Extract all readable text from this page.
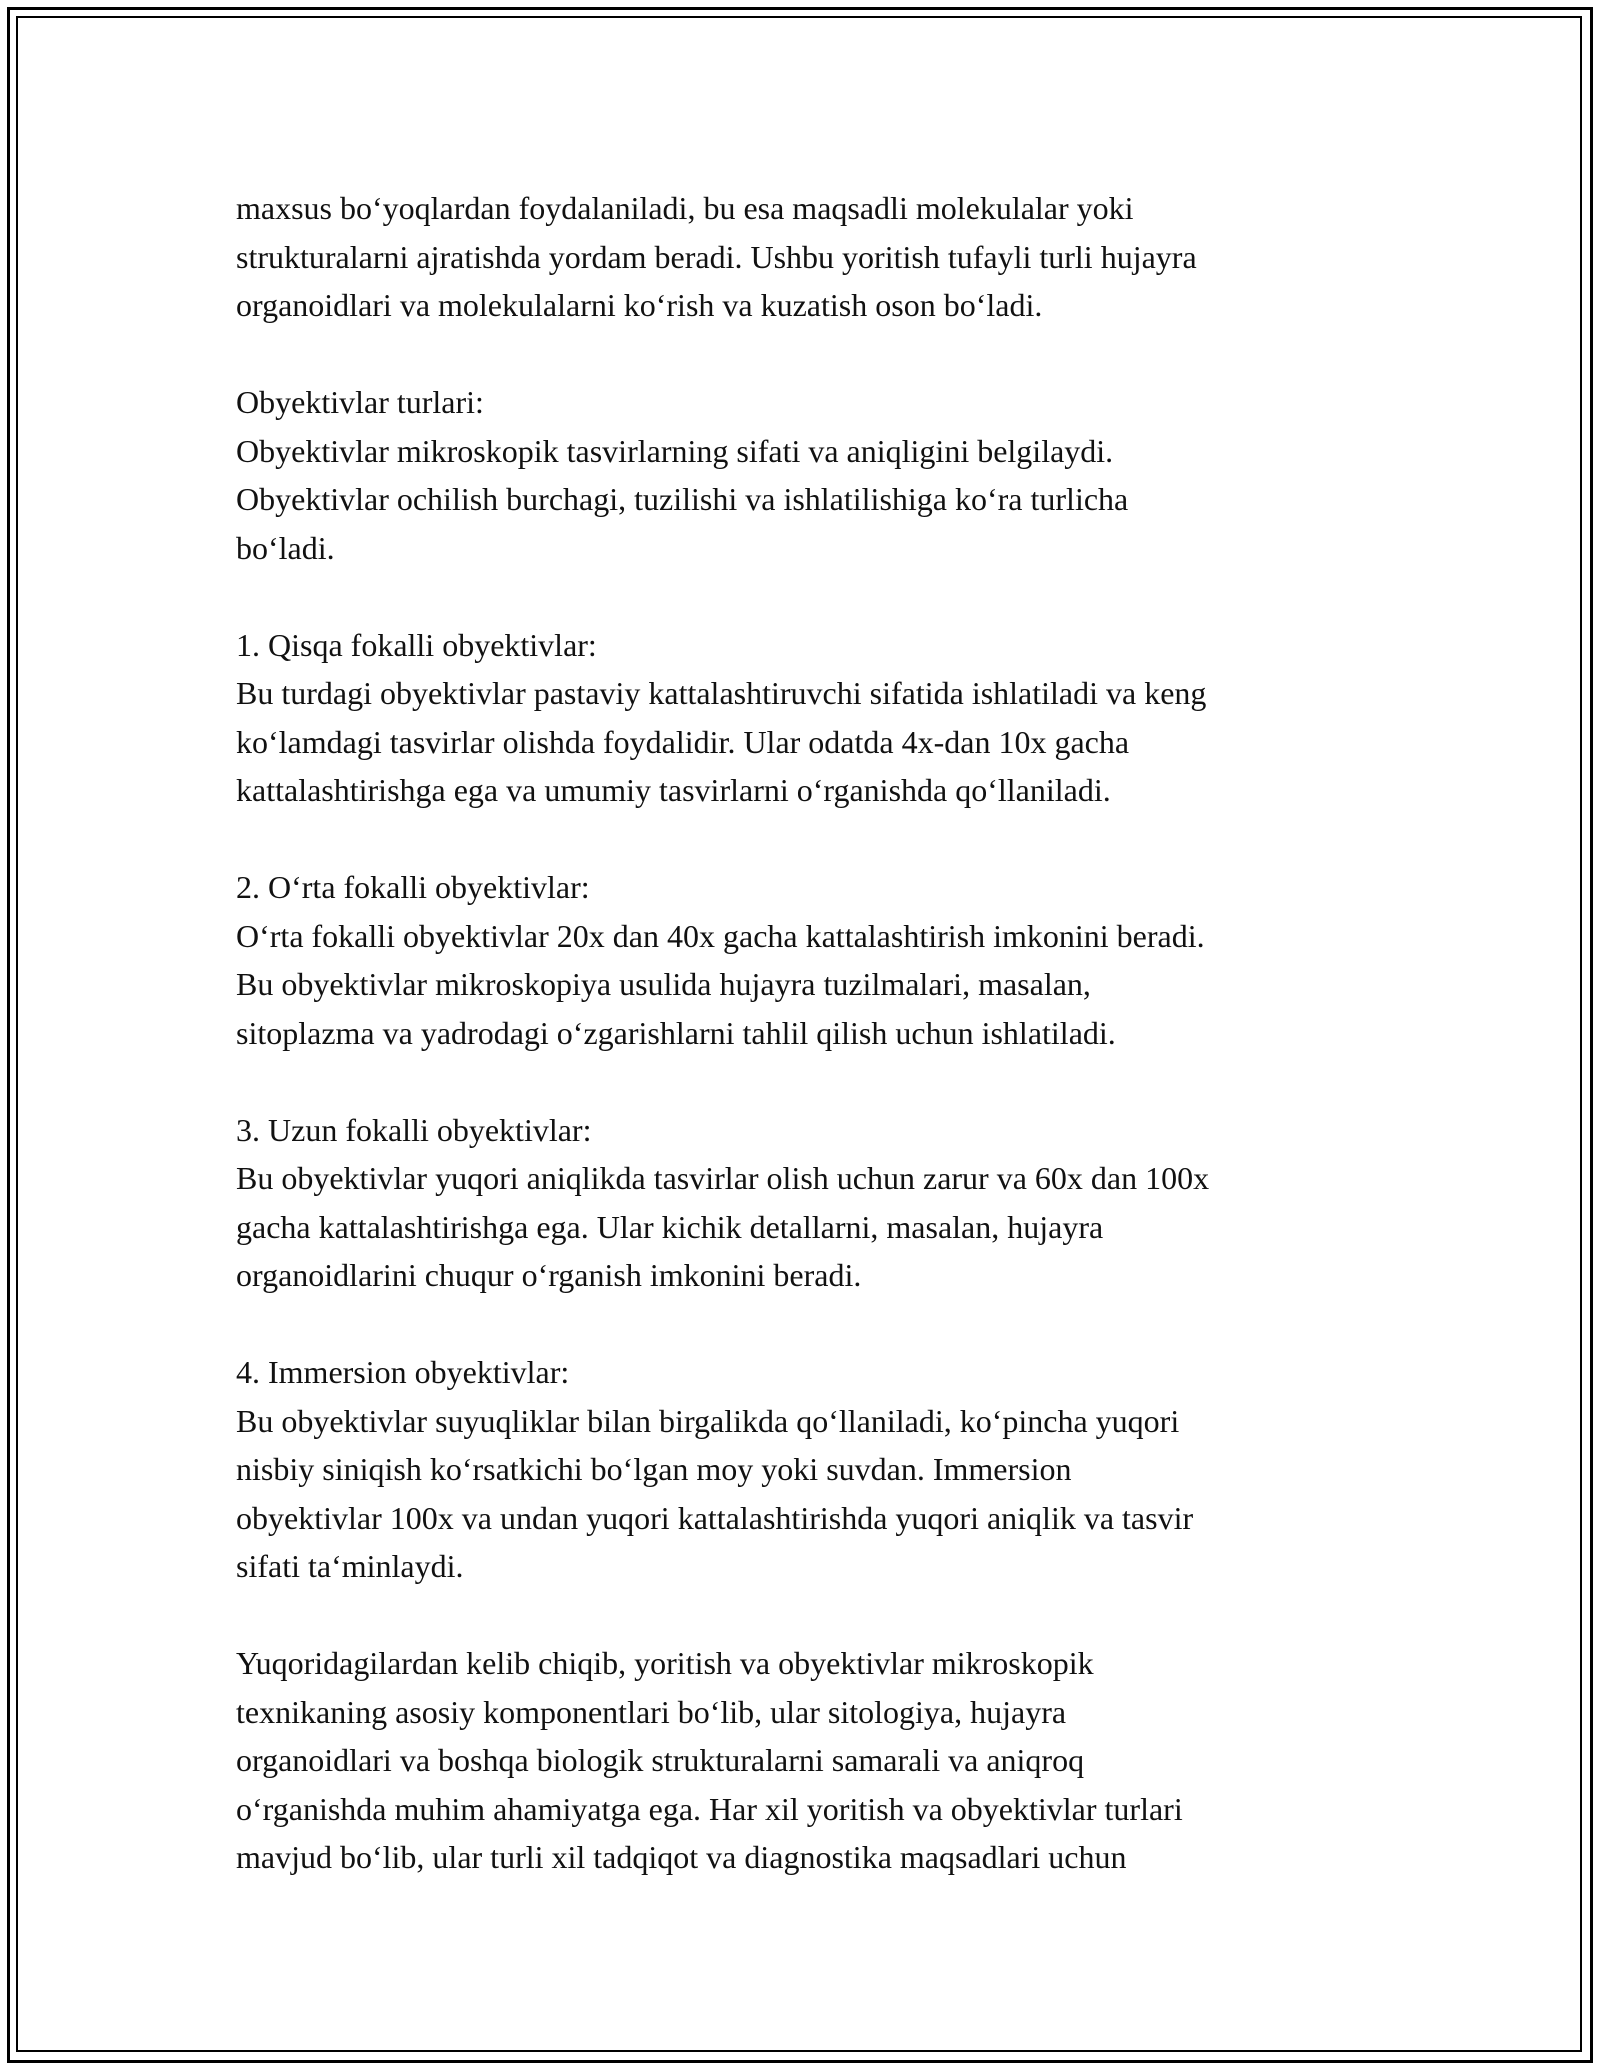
maxsus bo‘yoqlardan foydalaniladi, bu esa maqsadli molekulalar yoki
strukturalarni ajratishda yordam beradi. Ushbu yoritish tufayli turli hujayra
organoidlari va molekulalarni ko‘rish va kuzatish oson bo‘ladi.

Obyektivlar turlari:
Obyektivlar mikroskopik tasvirlarning sifati va aniqligini belgilaydi.
Obyektivlar ochilish burchagi, tuzilishi va ishlatilishiga ko‘ra turlicha
bo‘ladi.

1. Qisqa fokalli obyektivlar:
Bu turdagi obyektivlar pastaviy kattalashtiruvchi sifatida ishlatiladi va keng
ko‘lamdagi tasvirlar olishda foydalidir. Ular odatda 4x-dan 10x gacha
kattalashtirishga ega va umumiy tasvirlarni o‘rganishda qo‘llaniladi.

2. O‘rta fokalli obyektivlar:
O‘rta fokalli obyektivlar 20x dan 40x gacha kattalashtirish imkonini beradi.
Bu obyektivlar mikroskopiya usulida hujayra tuzilmalari, masalan,
sitoplazma va yadrodagi o‘zgarishlarni tahlil qilish uchun ishlatiladi.

3. Uzun fokalli obyektivlar:
Bu obyektivlar yuqori aniqlikda tasvirlar olish uchun zarur va 60x dan 100x
gacha kattalashtirishga ega. Ular kichik detallarni, masalan, hujayra
organoidlarini chuqur o‘rganish imkonini beradi.

4. Immersion obyektivlar:
Bu obyektivlar suyuqliklar bilan birgalikda qo‘llaniladi, ko‘pincha yuqori
nisbiy siniqish ko‘rsatkichi bo‘lgan moy yoki suvdan. Immersion
obyektivlar 100x va undan yuqori kattalashtirishda yuqori aniqlik va tasvir
sifati ta‘minlaydi.

Yuqoridagilardan kelib chiqib, yoritish va obyektivlar mikroskopik
texnikaning asosiy komponentlari bo‘lib, ular sitologiya, hujayra
organoidlari va boshqa biologik strukturalarni samarali va aniqroq
o‘rganishda muhim ahamiyatga ega. Har xil yoritish va obyektivlar turlari
mavjud bo‘lib, ular turli xil tadqiqot va diagnostika maqsadlari uchun
